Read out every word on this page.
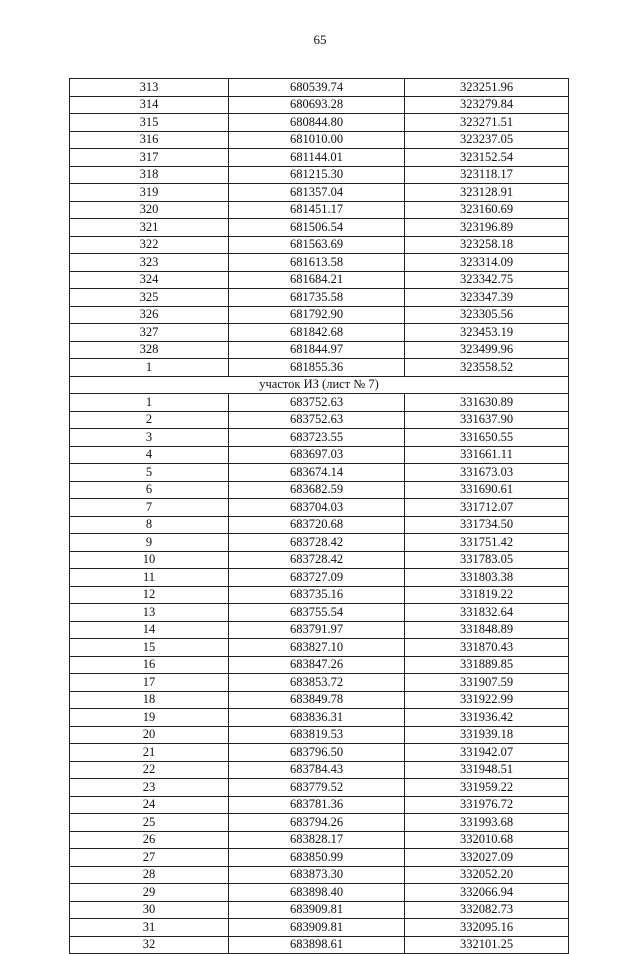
65
313	680539.74	323251.96
314	680693.28	323279.84
315	680844.80	323271.51
316	681010.00	323237.05
317	681144.01	323152.54
318	681215.30	323118.17
319	681357.04	323128.91
320	681451.17	323160.69
321	681506.54	323196.89
322	681563.69	323258.18
323	681613.58	323314.09
324	681684.21	323342.75
325	681735.58	323347.39
326	681792.90	323305.56
327	681842.68	323453.19
328	681844.97	323499.96
1	681855.36	323558.52
участок ИЗ (лист № 7)		
1	683752.63	331630.89
2	683752.63	331637.90
3	683723.55	331650.55
4	683697.03	331661.11
5	683674.14	331673.03
6	683682.59	331690.61
7	683704.03	331712.07
8	683720.68	331734.50
9	683728.42	331751.42
10	683728.42	331783.05
11	683727.09	331803.38
12	683735.16	331819.22
13	683755.54	331832.64
14	683791.97	331848.89
15	683827.10	331870.43
16	683847.26	331889.85
17	683853.72	331907.59
18	683849.78	331922.99
19	683836.31	331936.42
20	683819.53	331939.18
21	683796.50	331942.07
22	683784.43	331948.51
23	683779.52	331959.22
24	683781.36	331976.72
25	683794.26	331993.68
26	683828.17	332010.68
27	683850.99	332027.09
28	683873.30	332052.20
29	683898.40	332066.94
30	683909.81	332082.73
31	683909.81	332095.16
32	683898.61	332101.25
